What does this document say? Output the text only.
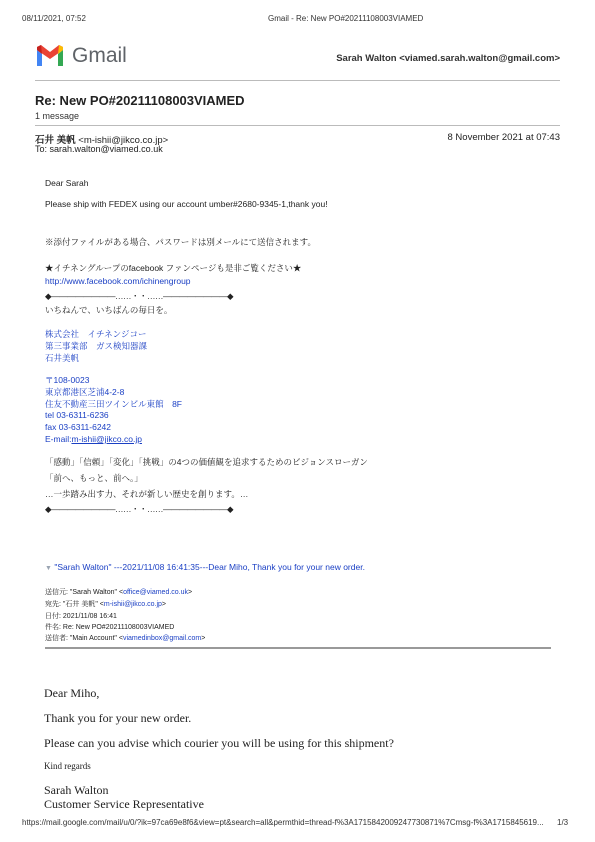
08/11/2021, 07:52	Gmail - Re: New PO#20211108003VIAMED
Gmail	Sarah Walton <viamed.sarah.walton@gmail.com>
Re: New PO#20211108003VIAMED
1 message
石井 美帆 <m-ishii@jikco.co.jp>	8 November 2021 at 07:43
To: sarah.walton@viamed.co.uk
Dear Sarah
Please ship with FEDEX using our account umber#2680-9345-1,thank you!
※添付ファイルがある場合、パスワードは別メールにて送信されます。
★イチネングループのfacebook ファンページも是非ご覧ください★
http://www.facebook.com/ichinengroup
◆――――――――……・・……――――――――◆
いちねんで、いちばんの毎日を。
株式会社　イチネンジコー
第三事業部　ガス検知器課
石井美帆
〒108-0023
東京都港区芝浦4-2-8
住友不動産三田ツインビル東館　8F
tel 03-6311-6236
fax 03-6311-6242
E-mail:m-ishii@jikco.co.jp
「感動」「信頼」「変化」「挑戦」の4つの価値観を追求するためのビジョンスローガン
「前へ、もっと、前へ。」
…一歩踏み出す力、それが新しい歴史を創ります。…
◆――――――――……・・……――――――――◆
▼ "Sarah Walton" ---2021/11/08 16:41:35---Dear Miho, Thank you for your new order.
送信元: "Sarah Walton" <office@viamed.co.uk>
宛先: "石井 美帆" <m-ishii@jikco.co.jp>
日付: 2021/11/08 16:41
件名: Re: New PO#20211108003VIAMED
送信者: "Main Account" <viamedinbox@gmail.com>
Dear Miho,
Thank you for your new order.
Please can you advise which courier you will be using for this shipment?
Kind regards
Sarah Walton
Customer Service Representative
https://mail.google.com/mail/u/0/?ik=97ca69e8f6&view=pt&search=all&permthid=thread-f%3A1715842009247730871%7Cmsg-f%3A1715845619...	1/3
